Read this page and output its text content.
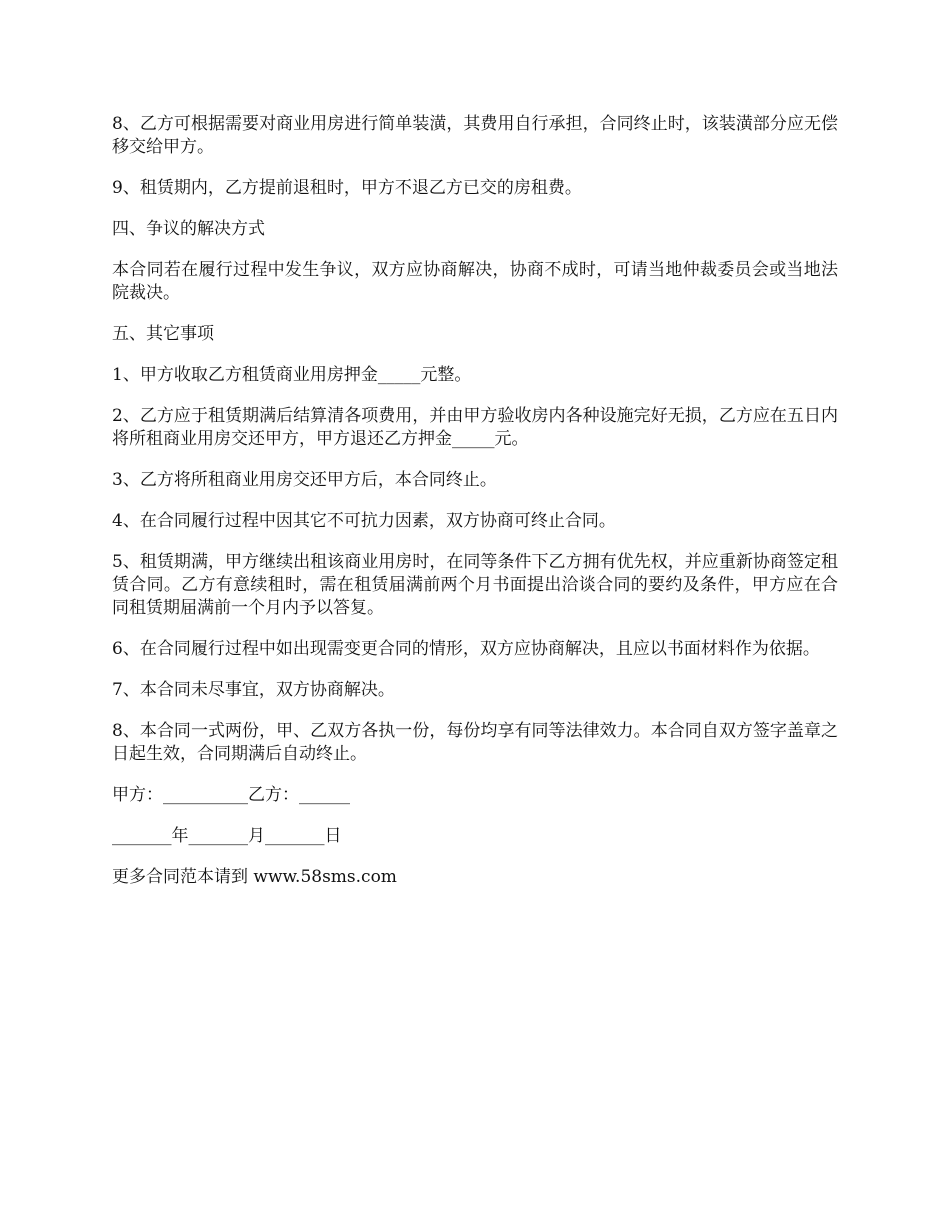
8、乙方可根据需要对商业用房进行简单装潢，其费用自行承担，合同终止时，该装潢部分应无偿移交给甲方。

9、租赁期内，乙方提前退租时，甲方不退乙方已交的房租费。

四、争议的解决方式

本合同若在履行过程中发生争议，双方应协商解决，协商不成时，可请当地仲裁委员会或当地法院裁决。

五、其它事项

1、甲方收取乙方租赁商业用房押金_____元整。

2、乙方应于租赁期满后结算清各项费用，并由甲方验收房内各种设施完好无损，乙方应在五日内将所租商业用房交还甲方，甲方退还乙方押金_____元。

3、乙方将所租商业用房交还甲方后，本合同终止。

4、在合同履行过程中因其它不可抗力因素，双方协商可终止合同。

5、租赁期满，甲方继续出租该商业用房时，在同等条件下乙方拥有优先权，并应重新协商签定租赁合同。乙方有意续租时，需在租赁届满前两个月书面提出洽谈合同的要约及条件，甲方应在合同租赁期届满前一个月内予以答复。

6、在合同履行过程中如出现需变更合同的情形，双方应协商解决，且应以书面材料作为依据。

7、本合同未尽事宜，双方协商解决。

8、本合同一式两份，甲、乙双方各执一份，每份均享有同等法律效力。本合同自双方签字盖章之日起生效，合同期满后自动终止。

甲方：__________乙方：______

_______年_______月_______日

更多合同范本请到 www.58sms.com
